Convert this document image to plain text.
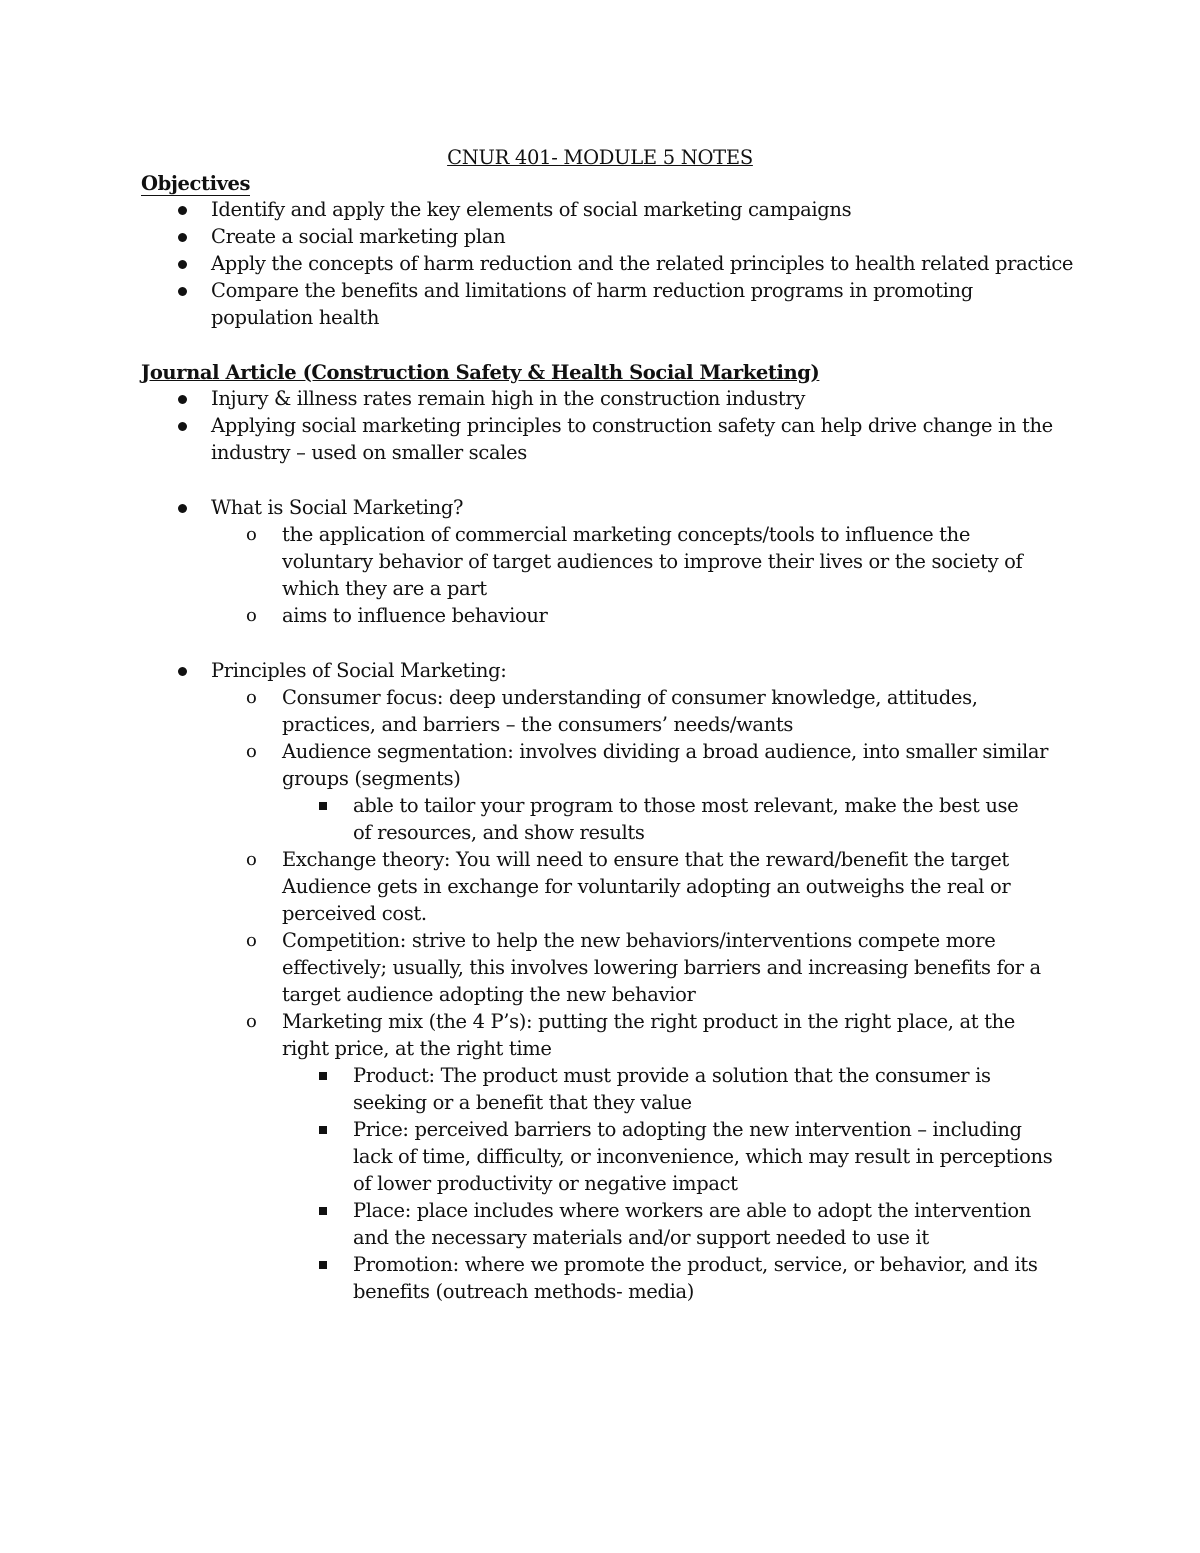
CNUR 401- MODULE 5 NOTES
Objectives
Identify and apply the key elements of social marketing campaigns
Create a social marketing plan
Apply the concepts of harm reduction and the related principles to health related practice
Compare the benefits and limitations of harm reduction programs in promoting population health
Journal Article (Construction Safety & Health Social Marketing)
Injury & illness rates remain high in the construction industry
Applying social marketing principles to construction safety can help drive change in the industry – used on smaller scales
What is Social Marketing?
o the application of commercial marketing concepts/tools to influence the voluntary behavior of target audiences to improve their lives or the society of which they are a part
o aims to influence behaviour
Principles of Social Marketing:
o Consumer focus: deep understanding of consumer knowledge, attitudes, practices, and barriers – the consumers’ needs/wants
o Audience segmentation: involves dividing a broad audience, into smaller similar groups (segments)
able to tailor your program to those most relevant, make the best use of resources, and show results
o Exchange theory: You will need to ensure that the reward/benefit the target Audience gets in exchange for voluntarily adopting an outweighs the real or perceived cost.
o Competition: strive to help the new behaviors/interventions compete more effectively; usually, this involves lowering barriers and increasing benefits for a target audience adopting the new behavior
o Marketing mix (the 4 P’s): putting the right product in the right place, at the right price, at the right time
Product: The product must provide a solution that the consumer is seeking or a benefit that they value
Price: perceived barriers to adopting the new intervention – including lack of time, difficulty, or inconvenience, which may result in perceptions of lower productivity or negative impact
Place: place includes where workers are able to adopt the intervention and the necessary materials and/or support needed to use it
Promotion: where we promote the product, service, or behavior, and its benefits (outreach methods- media)
